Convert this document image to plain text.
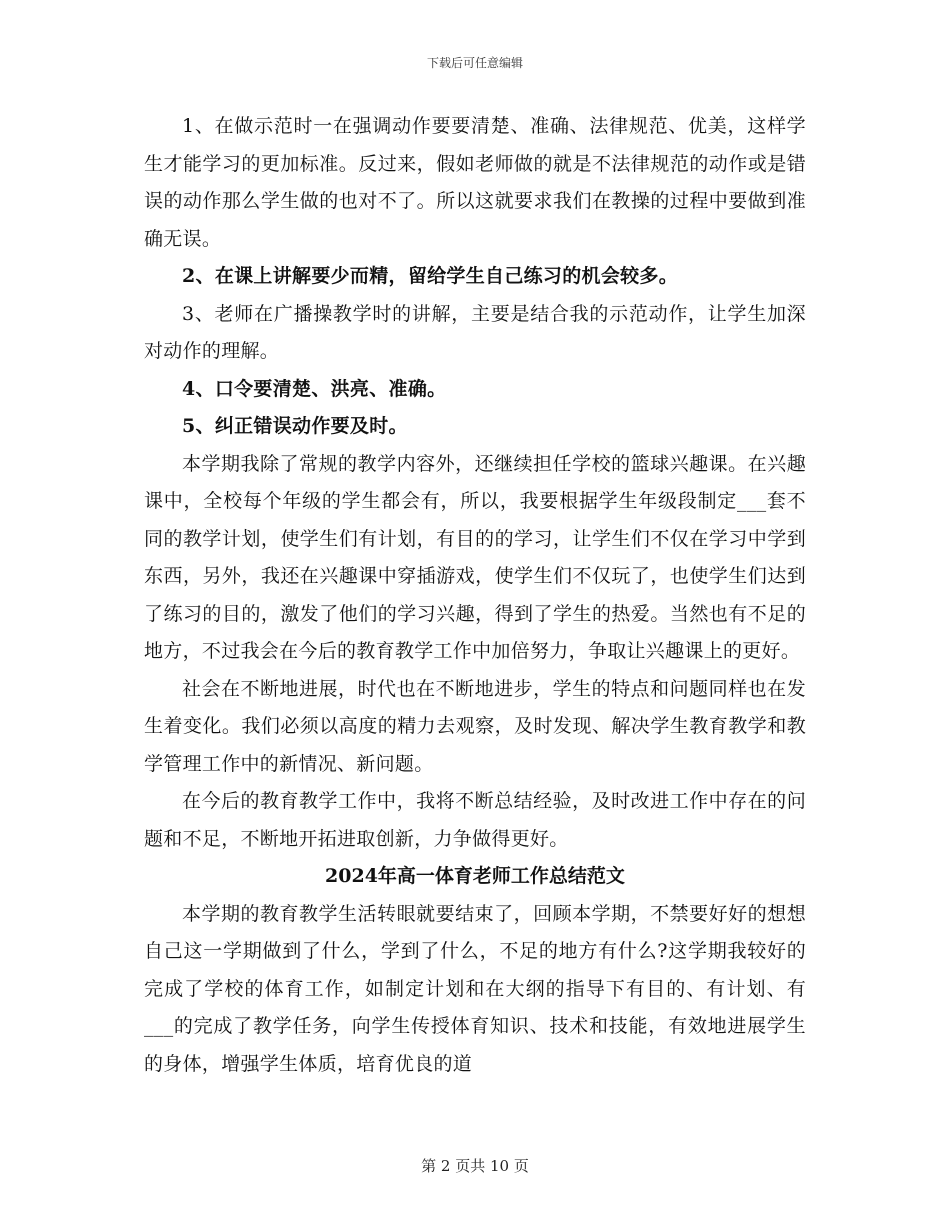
下载后可任意编辑

1、在做示范时一在强调动作要要清楚、准确、法律规范、优美，这样学生才能学习的更加标准。反过来，假如老师做的就是不法律规范的动作或是错误的动作那么学生做的也对不了。所以这就要求我们在教操的过程中要做到准确无误。

2、在课上讲解要少而精，留给学生自己练习的机会较多。

3、老师在广播操教学时的讲解，主要是结合我的示范动作，让学生加深对动作的理解。

4、口令要清楚、洪亮、准确。

5、纠正错误动作要及时。

本学期我除了常规的教学内容外，还继续担任学校的篮球兴趣课。在兴趣课中，全校每个年级的学生都会有，所以，我要根据学生年级段制定___套不同的教学计划，使学生们有计划，有目的的学习，让学生们不仅在学习中学到东西，另外，我还在兴趣课中穿插游戏，使学生们不仅玩了，也使学生们达到了练习的目的，激发了他们的学习兴趣，得到了学生的热爱。当然也有不足的地方，不过我会在今后的教育教学工作中加倍努力，争取让兴趣课上的更好。

社会在不断地进展，时代也在不断地进步，学生的特点和问题同样也在发生着变化。我们必须以高度的精力去观察，及时发现、解决学生教育教学和教学管理工作中的新情况、新问题。

在今后的教育教学工作中，我将不断总结经验，及时改进工作中存在的问题和不足，不断地开拓进取创新，力争做得更好。

2024年高一体育老师工作总结范文

本学期的教育教学生活转眼就要结束了，回顾本学期，不禁要好好的想想自己这一学期做到了什么，学到了什么，不足的地方有什么?这学期我较好的完成了学校的体育工作，如制定计划和在大纲的指导下有目的、有计划、有___的完成了教学任务，向学生传授体育知识、技术和技能，有效地进展学生的身体，增强学生体质，培育优良的道

第 2 页共 10 页
